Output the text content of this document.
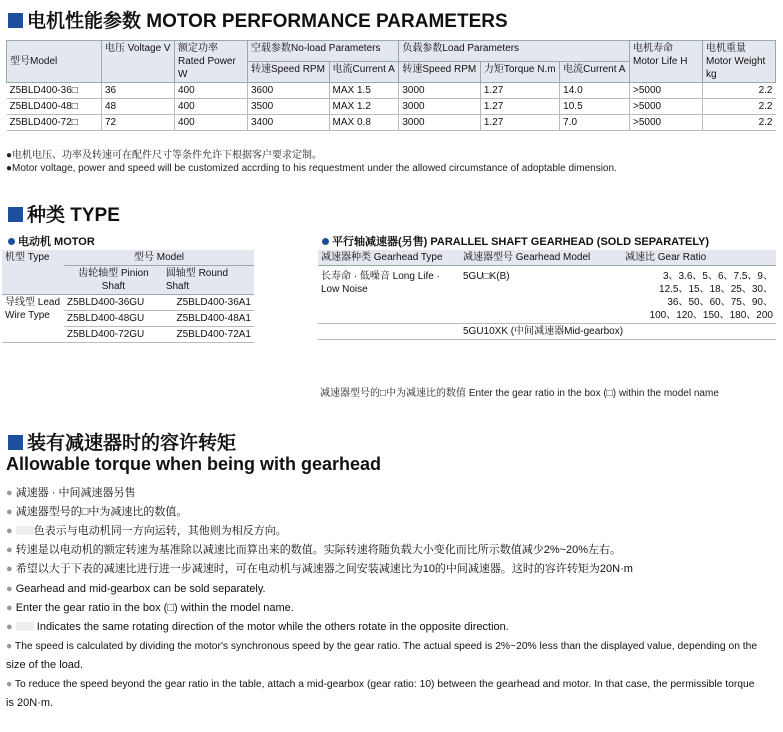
电机性能参数 MOTOR PERFORMANCE PARAMETERS
型号Model	电压 Voltage V	额定功率 Rated Power W	空载参数No-load Parameters		负载参数Load Parameters			电机寿命 Motor Life H	电机重量 Motor Weight kg
			转速Speed RPM	电流Current A	转速Speed RPM	力矩Torque N.m	电流Current A		
Z5BLD400-36□	36	400	3600	MAX 1.5	3000	1.27	14.0	>5000	2.2
Z5BLD400-48□	48	400	3500	MAX 1.2	3000	1.27	10.5	>5000	2.2
Z5BLD400-72□	72	400	3400	MAX 0.8	3000	1.27	7.0	>5000	2.2
●电机电压、功率及转速可在配件尺寸等条件允许下根据客户要求定制。
●Motor voltage, power and speed will be customized accrding to his requestment under the allowed circumstance of adoptable dimension.
种类 TYPE
电动机 MOTOR
机型 Type	型号 Model	
	齿轮轴型 Pinion Shaft	圆轴型 Round Shaft
导线型 Lead Wire Type	Z5BLD400-36GU	Z5BLD400-36A1
	Z5BLD400-48GU	Z5BLD400-48A1
	Z5BLD400-72GU	Z5BLD400-72A1
平行轴减速器(另售) PARALLEL SHAFT GEARHEAD (SOLD SEPARATELY)
减速器种类 Gearhead Type	减速器型号 Gearhead Model	减速比 Gear Ratio
长寿命 · 低噪音 Long Life · Low Noise	5GU□K(B)	3、3.6、5、6、7.5、9、
12.5、15、18、25、30、
36、50、60、75、90、
100、120、150、180、200

	5GU10XK (中间减速器Mid-gearbox)	
减速器型号的□中为减速比的数值 Enter the gear ratio in the box (□) within the model name
装有减速器时的容许转矩
Allowable torque when being with gearhead
● 减速器 · 中间减速器另售
● 减速器型号的□中为减速比的数值。
● 色表示与电动机同一方向运转，其他则为相反方向。
● 转速是以电动机的额定转速为基准除以减速比而算出来的数值。实际转速将随负载大小变化而比所示数值减少2%~20%左右。
● 希望以大于下表的减速比进行进一步减速时，可在电动机与减速器之间安装减速比为10的中间减速器。这时的容许转矩为20N·m
● Gearhead and mid-gearbox can be sold separately.
● Enter the gear ratio in the box (□) within the model name.
●  Indicates the same rotating direction of the motor while the others rotate in the opposite direction.
● The speed is calculated by dividing the motor's synchronous speed by the gear ratio. The actual speed is 2%~20% less than the displayed value, depending on the
size of the load.
● To reduce the speed beyond the gear ratio in the table, attach a mid-gearbox (gear ratio: 10) between the gearhead and motor. In that case, the permissible torque
is 20N·m.
